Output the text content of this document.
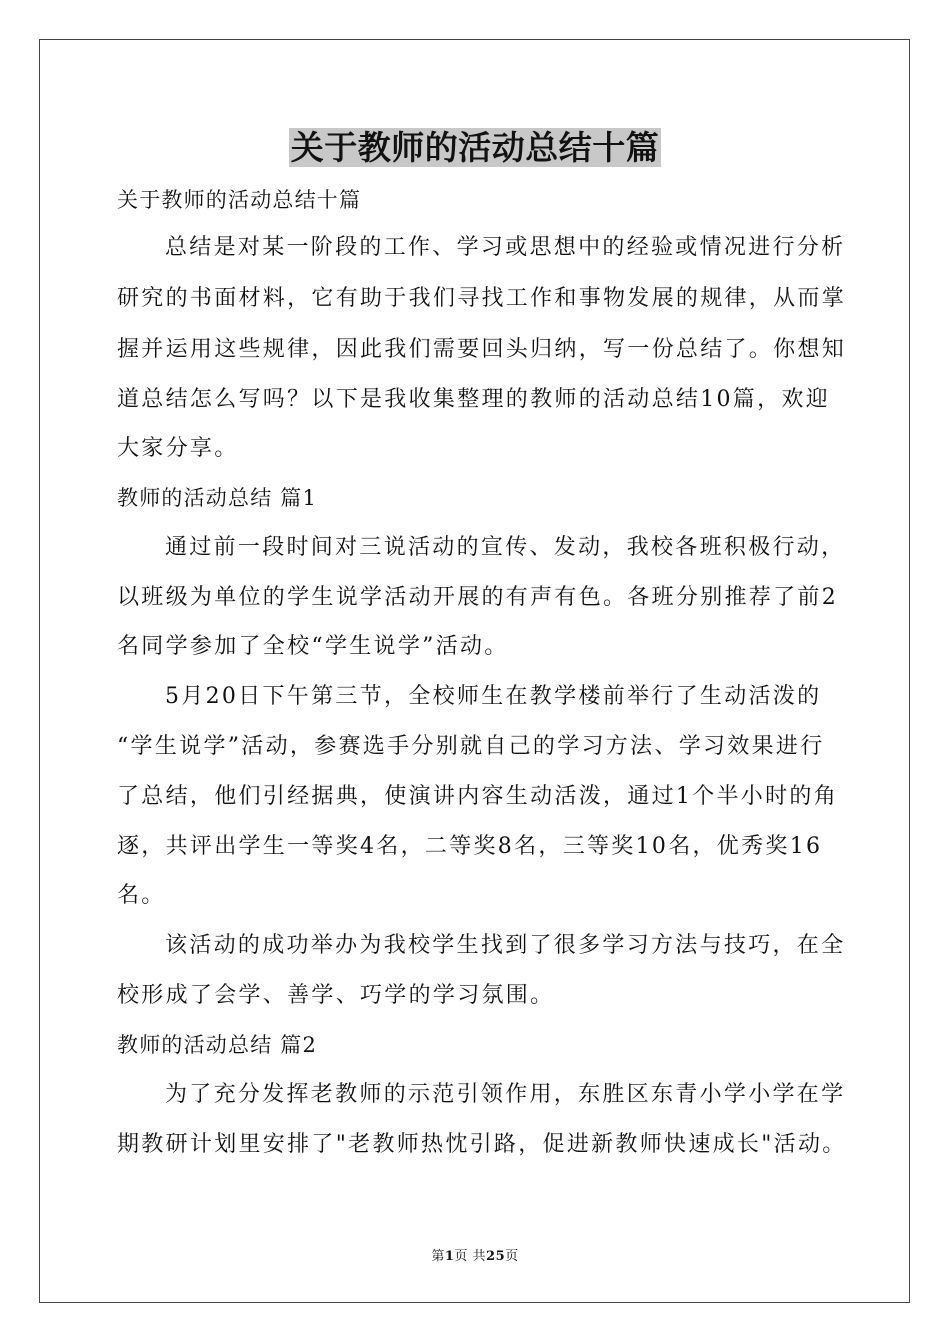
关于教师的活动总结十篇
关于教师的活动总结十篇
总结是对某一阶段的工作、学习或思想中的经验或情况进行分析
研究的书面材料，它有助于我们寻找工作和事物发展的规律，从而掌
握并运用这些规律，因此我们需要回头归纳，写一份总结了。你想知
道总结怎么写吗？以下是我收集整理的教师的活动总结10篇，欢迎
大家分享。
教师的活动总结 篇1
通过前一段时间对三说活动的宣传、发动，我校各班积极行动，
以班级为单位的学生说学活动开展的有声有色。各班分别推荐了前2
名同学参加了全校“学生说学”活动。
5月20日下午第三节，全校师生在教学楼前举行了生动活泼的
“学生说学”活动，参赛选手分别就自己的学习方法、学习效果进行
了总结，他们引经据典，使演讲内容生动活泼，通过1个半小时的角
逐，共评出学生一等奖4名，二等奖8名，三等奖10名，优秀奖16
名。
该活动的成功举办为我校学生找到了很多学习方法与技巧，在全
校形成了会学、善学、巧学的学习氛围。
教师的活动总结 篇2
为了充分发挥老教师的示范引领作用，东胜区东青小学小学在学
期教研计划里安排了"老教师热忱引路，促进新教师快速成长"活动。
第1页 共25页
